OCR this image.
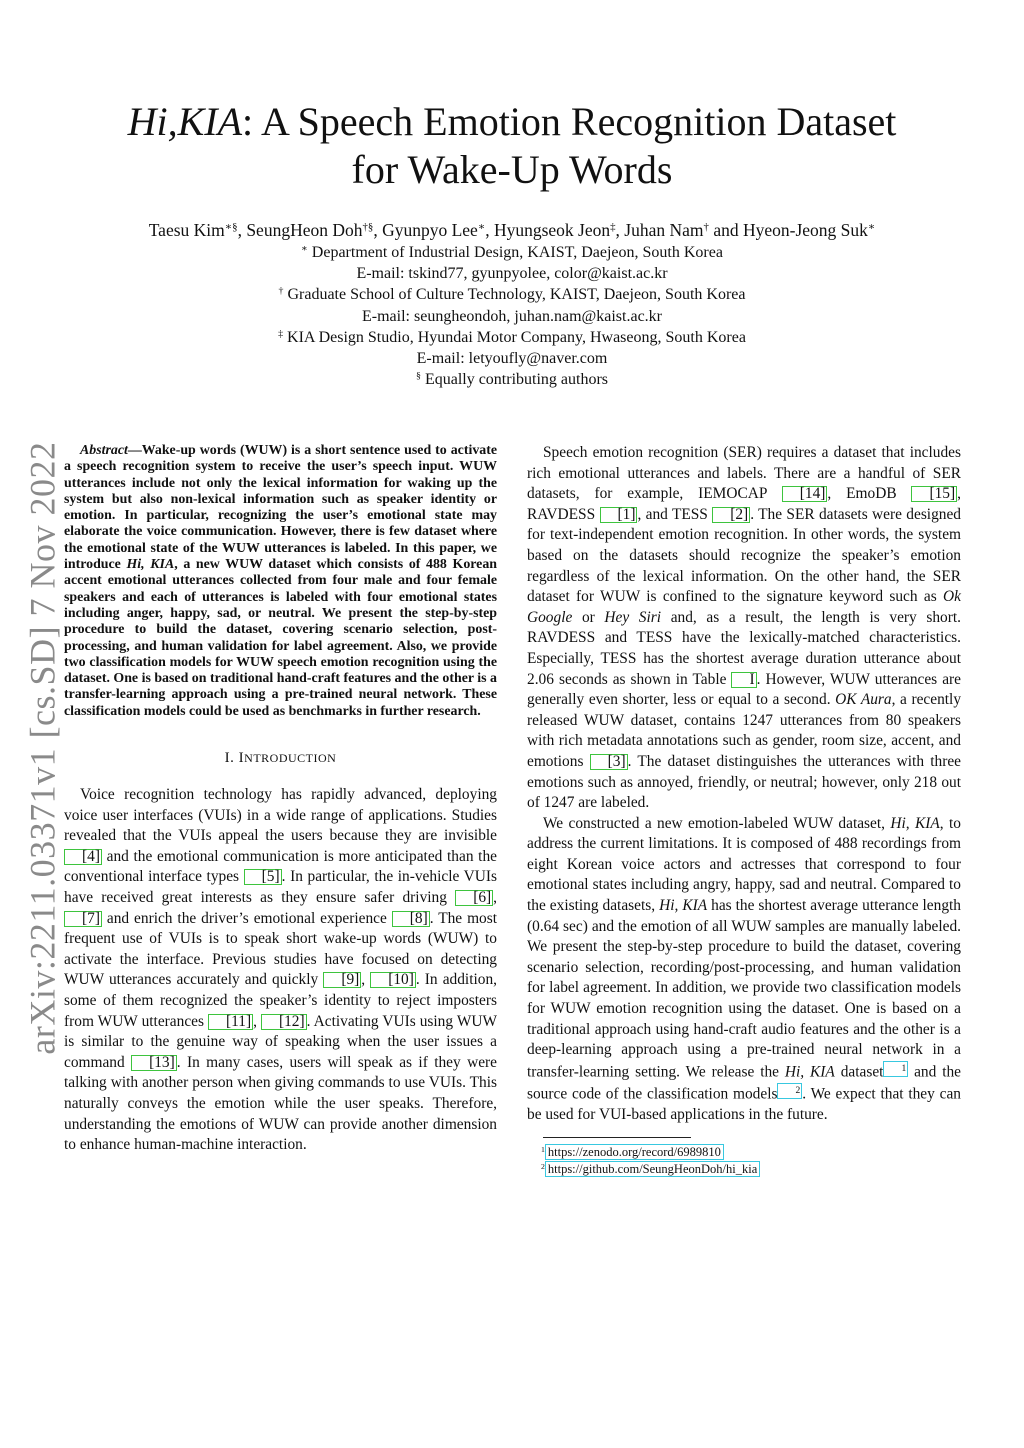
arXiv:2211.03371v1 [cs.SD] 7 Nov 2022
Hi,KIA: A Speech Emotion Recognition Dataset
for Wake-Up Words
Taesu Kim∗§, SeungHeon Doh†§, Gyunpyo Lee∗, Hyungseok Jeon‡, Juhan Nam† and Hyeon-Jeong Suk∗
∗ Department of Industrial Design, KAIST, Daejeon, South Korea
E-mail: tskind77, gyunpyolee, color@kaist.ac.kr
† Graduate School of Culture Technology, KAIST, Daejeon, South Korea
E-mail: seungheondoh, juhan.nam@kaist.ac.kr
‡ KIA Design Studio, Hyundai Motor Company, Hwaseong, South Korea
E-mail: letyoufly@naver.com
§ Equally contributing authors

Abstract—Wake-up words (WUW) is a short sentence used to activate a speech recognition system to receive the user’s speech input. WUW utterances include not only the lexical information for waking up the system but also non-lexical information such as speaker identity or emotion. In particular, recognizing the user’s emotional state may elaborate the voice communication. However, there is few dataset where the emotional state of the WUW utterances is labeled. In this paper, we introduce Hi, KIA, a new WUW dataset which consists of 488 Korean accent emotional utterances collected from four male and four female speakers and each of utterances is labeled with four emotional states including anger, happy, sad, or neutral. We present the step-by-step procedure to build the dataset, covering scenario selection, post-processing, and human validation for label agreement. Also, we provide two classification models for WUW speech emotion recognition using the dataset. One is based on traditional hand-craft features and the other is a transfer-learning approach using a pre-trained neural network. These classification models could be used as benchmarks in further research.

I. INTRODUCTION

Voice recognition technology has rapidly advanced, deploying voice user interfaces (VUIs) in a wide range of applications. Studies revealed that the VUIs appeal the users because they are invisible [4] and the emotional communication is more anticipated than the conventional interface types [5] . In particular, the in-vehicle VUIs have received great interests as they ensure safer driving [6] , [7] and enrich the driver’s emotional experience [8] . The most frequent use of VUIs is to speak short wake-up words (WUW) to activate the interface. Previous studies have focused on detecting WUW utterances accurately and quickly [9] , [10] . In addition, some of them recognized the speaker’s identity to reject imposters from WUW utterances [11] , [12] . Activating VUIs using WUW is similar to the genuine way of speaking when the user issues a command [13] . In many cases, users will speak as if they were talking with another person when giving commands to use VUIs. This naturally conveys the emotion while the user speaks. Therefore, understanding the emotions of WUW can provide another dimension to enhance human-machine interaction.

Speech emotion recognition (SER) requires a dataset that includes rich emotional utterances and labels. There are a handful of SER datasets, for example, IEMOCAP [14] , EmoDB [15] , RAVDESS [1] , and TESS [2] . The SER datasets were designed for text-independent emotion recognition. In other words, the system based on the datasets should recognize the speaker’s emotion regardless of the lexical information. On the other hand, the SER dataset for WUW is confined to the signature keyword such as Ok Google or Hey Siri and, as a result, the length is very short. RAVDESS and TESS have the lexically-matched characteristics. Especially, TESS has the shortest average duration utterance about 2.06 seconds as shown in Table I . However, WUW utterances are generally even shorter, less or equal to a second. OK Aura, a recently released WUW dataset, contains 1247 utterances from 80 speakers with rich metadata annotations such as gender, room size, accent, and emotions [3] . The dataset distinguishes the utterances with three emotions such as annoyed, friendly, or neutral; however, only 218 out of 1247 are labeled.

We constructed a new emotion-labeled WUW dataset, Hi, KIA, to address the current limitations. It is composed of 488 recordings from eight Korean voice actors and actresses that correspond to four emotional states including angry, happy, sad and neutral. Compared to the existing datasets, Hi, KIA has the shortest average utterance length (0.64 sec) and the emotion of all WUW samples are manually labeled. We present the step-by-step procedure to build the dataset, covering scenario selection, recording/post-processing, and human validation for label agreement. In addition, we provide two classification models for WUW emotion recognition using the dataset. One is based on a traditional approach using hand-craft audio features and the other is a deep-learning approach using a pre-trained neural network in a transfer-learning setting. We release the Hi, KIA dataset $^1$ and the source code of the classification models $^2$ . We expect that they can be used for VUI-based applications in the future.

$^1$ https://zenodo.org/record/6989810
$^2$ https://github.com/SeungHeonDoh/hi_kia
